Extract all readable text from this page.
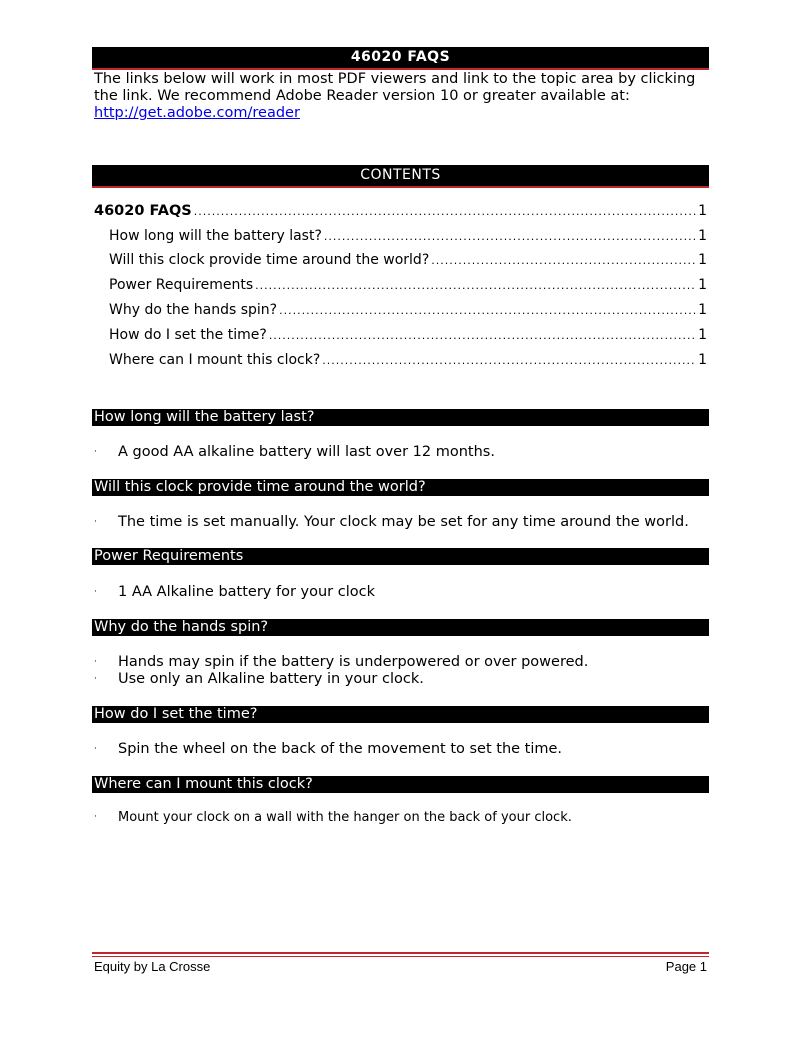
46020 FAQS
The links below will work in most PDF viewers and link to the topic area by clicking the link. We recommend Adobe Reader version 10 or greater available at:
http://get.adobe.com/reader
CONTENTS
46020 FAQS .....	1
How long will the battery last? .....	1
Will this clock provide time around the world? .....	1
Power Requirements .....	1
Why do the hands spin? .....	1
How do I set the time? .....	1
Where can I mount this clock? .....	1
How long will the battery last?
·	A good AA alkaline battery will last over 12 months.
Will this clock provide time around the world?
·	The time is set manually. Your clock may be set for any time around the world.
Power Requirements
·	1 AA Alkaline battery for your clock
Why do the hands spin?
·	Hands may spin if the battery is underpowered or over powered.
·	Use only an Alkaline battery in your clock.
How do I set the time?
·	Spin the wheel on the back of the movement to set the time.
Where can I mount this clock?
·	Mount your clock on a wall with the hanger on the back of your clock.
Equity by La Crosse	Page 1
